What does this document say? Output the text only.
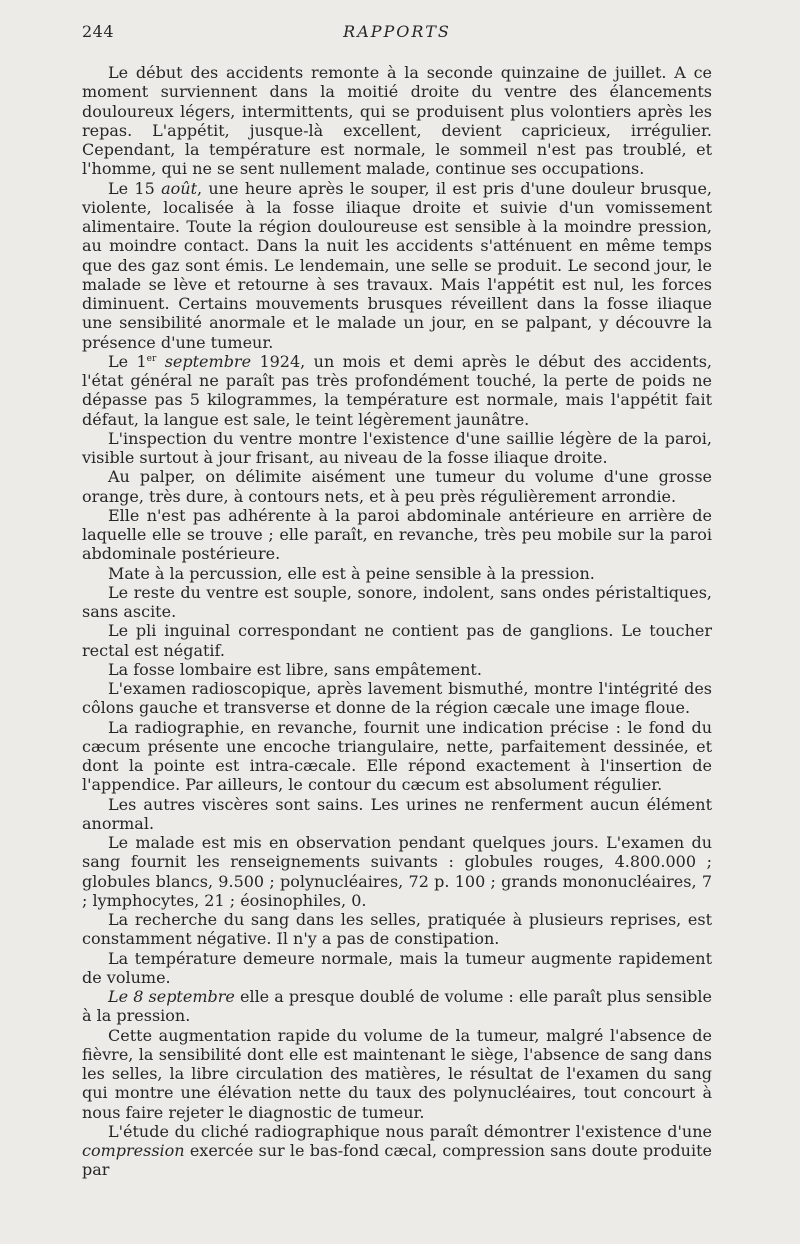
244	RAPPORTS

Le début des accidents remonte à la seconde quinzaine de juillet. A ce moment surviennent dans la moitié droite du ventre des élancements douloureux légers, intermittents, qui se produisent plus volontiers après les repas. L'appétit, jusque-là excellent, devient capricieux, irrégulier. Cependant, la température est normale, le sommeil n'est pas troublé, et l'homme, qui ne se sent nullement malade, continue ses occupations.

Le 15 août, une heure après le souper, il est pris d'une douleur brusque, violente, localisée à la fosse iliaque droite et suivie d'un vomissement alimentaire. Toute la région douloureuse est sensible à la moindre pression, au moindre contact. Dans la nuit les accidents s'atténuent en même temps que des gaz sont émis. Le lendemain, une selle se produit. Le second jour, le malade se lève et retourne à ses travaux. Mais l'appétit est nul, les forces diminuent. Certains mouvements brusques réveillent dans la fosse iliaque une sensibilité anormale et le malade un jour, en se palpant, y découvre la présence d'une tumeur.

Le 1er septembre 1924, un mois et demi après le début des accidents, l'état général ne paraît pas très profondément touché, la perte de poids ne dépasse pas 5 kilogrammes, la température est normale, mais l'appétit fait défaut, la langue est sale, le teint légèrement jaunâtre.

L'inspection du ventre montre l'existence d'une saillie légère de la paroi, visible surtout à jour frisant, au niveau de la fosse iliaque droite.

Au palper, on délimite aisément une tumeur du volume d'une grosse orange, très dure, à contours nets, et à peu près régulièrement arrondie.

Elle n'est pas adhérente à la paroi abdominale antérieure en arrière de laquelle elle se trouve ; elle paraît, en revanche, très peu mobile sur la paroi abdominale postérieure.

Mate à la percussion, elle est à peine sensible à la pression.

Le reste du ventre est souple, sonore, indolent, sans ondes péristaltiques, sans ascite.

Le pli inguinal correspondant ne contient pas de ganglions. Le toucher rectal est négatif.

La fosse lombaire est libre, sans empâtement.

L'examen radioscopique, après lavement bismuthé, montre l'intégrité des côlons gauche et transverse et donne de la région cæcale une image floue.

La radiographie, en revanche, fournit une indication précise : le fond du cæcum présente une encoche triangulaire, nette, parfaitement dessinée, et dont la pointe est intra-cæcale. Elle répond exactement à l'insertion de l'appendice. Par ailleurs, le contour du cæcum est absolument régulier.

Les autres viscères sont sains. Les urines ne renferment aucun élément anormal.

Le malade est mis en observation pendant quelques jours. L'examen du sang fournit les renseignements suivants : globules rouges, 4.800.000 ; globules blancs, 9.500 ; polynucléaires, 72 p. 100 ; grands mononucléaires, 7 ; lymphocytes, 21 ; éosinophiles, 0.

La recherche du sang dans les selles, pratiquée à plusieurs reprises, est constamment négative. Il n'y a pas de constipation.

La température demeure normale, mais la tumeur augmente rapidement de volume.

Le 8 septembre elle a presque doublé de volume : elle paraît plus sensible à la pression.

Cette augmentation rapide du volume de la tumeur, malgré l'absence de fièvre, la sensibilité dont elle est maintenant le siège, l'absence de sang dans les selles, la libre circulation des matières, le résultat de l'examen du sang qui montre une élévation nette du taux des polynucléaires, tout concourt à nous faire rejeter le diagnostic de tumeur.

L'étude du cliché radiographique nous paraît démontrer l'existence d'une compression exercée sur le bas-fond cæcal, compression sans doute produite par
